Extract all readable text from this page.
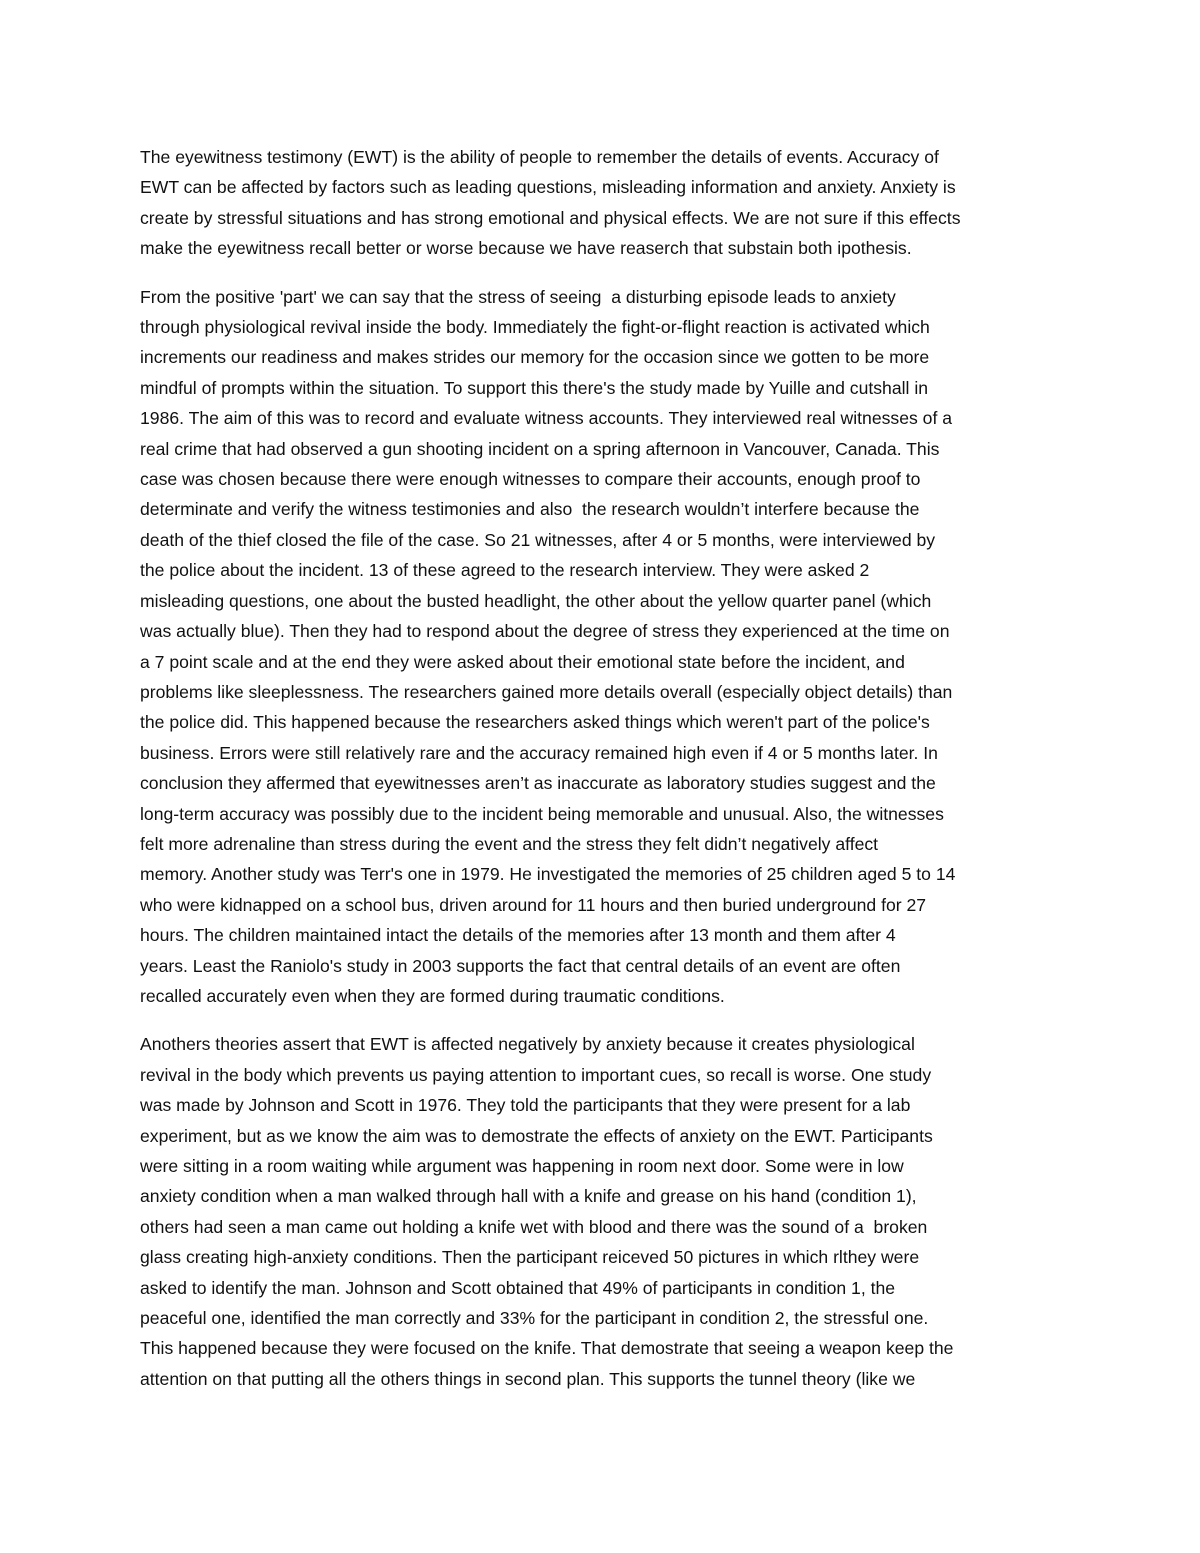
The eyewitness testimony (EWT) is the ability of people to remember the details of events. Accuracy of
EWT can be affected by factors such as leading questions, misleading information and anxiety. Anxiety is
create by stressful situations and has strong emotional and physical effects. We are not sure if this effects
make the eyewitness recall better or worse because we have reaserch that substain both ipothesis.

From the positive 'part' we can say that the stress of seeing  a disturbing episode leads to anxiety
through physiological revival inside the body. Immediately the fight-or-flight reaction is activated which
increments our readiness and makes strides our memory for the occasion since we gotten to be more
mindful of prompts within the situation. To support this there's the study made by Yuille and cutshall in
1986. The aim of this was to record and evaluate witness accounts. They interviewed real witnesses of a
real crime that had observed a gun shooting incident on a spring afternoon in Vancouver, Canada. This
case was chosen because there were enough witnesses to compare their accounts, enough proof to
determinate and verify the witness testimonies and also  the research wouldn’t interfere because the
death of the thief closed the file of the case. So 21 witnesses, after 4 or 5 months, were interviewed by
the police about the incident. 13 of these agreed to the research interview. They were asked 2
misleading questions, one about the busted headlight, the other about the yellow quarter panel (which
was actually blue). Then they had to respond about the degree of stress they experienced at the time on
a 7 point scale and at the end they were asked about their emotional state before the incident, and
problems like sleeplessness. The researchers gained more details overall (especially object details) than
the police did. This happened because the researchers asked things which weren't part of the police's
business. Errors were still relatively rare and the accuracy remained high even if 4 or 5 months later. In
conclusion they affermed that eyewitnesses aren’t as inaccurate as laboratory studies suggest and the
long-term accuracy was possibly due to the incident being memorable and unusual. Also, the witnesses
felt more adrenaline than stress during the event and the stress they felt didn’t negatively affect
memory. Another study was Terr's one in 1979. He investigated the memories of 25 children aged 5 to 14
who were kidnapped on a school bus, driven around for 11 hours and then buried underground for 27
hours. The children maintained intact the details of the memories after 13 month and them after 4
years. Least the Raniolo's study in 2003 supports the fact that central details of an event are often
recalled accurately even when they are formed during traumatic conditions.

Anothers theories assert that EWT is affected negatively by anxiety because it creates physiological
revival in the body which prevents us paying attention to important cues, so recall is worse. One study
was made by Johnson and Scott in 1976. They told the participants that they were present for a lab
experiment, but as we know the aim was to demostrate the effects of anxiety on the EWT. Participants
were sitting in a room waiting while argument was happening in room next door. Some were in low
anxiety condition when a man walked through hall with a knife and grease on his hand (condition 1),
others had seen a man came out holding a knife wet with blood and there was the sound of a  broken
glass creating high-anxiety conditions. Then the participant reiceved 50 pictures in which rlthey were
asked to identify the man. Johnson and Scott obtained that 49% of participants in condition 1, the
peaceful one, identified the man correctly and 33% for the participant in condition 2, the stressful one.
This happened because they were focused on the knife. That demostrate that seeing a weapon keep the
attention on that putting all the others things in second plan. This supports the tunnel theory (like we
